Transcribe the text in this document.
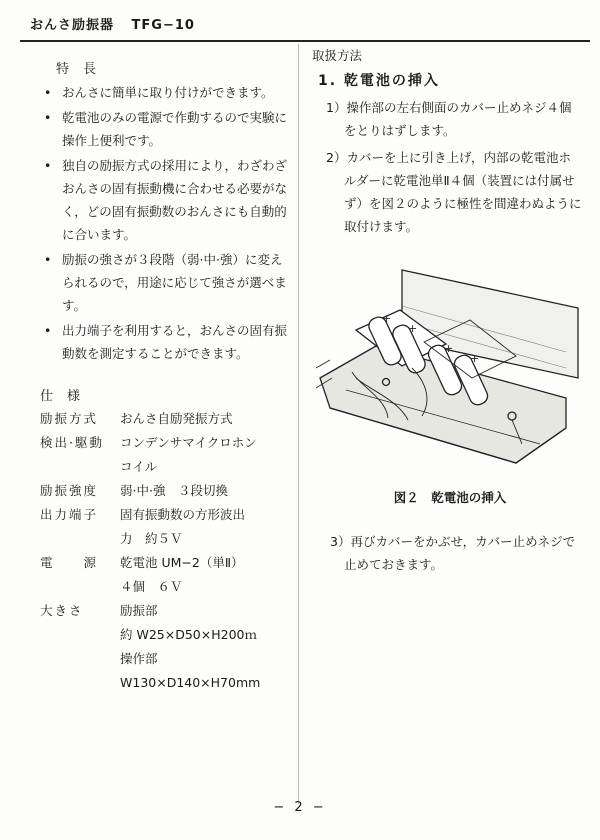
おんさ励振器 TFG−10
特長
• おんさに簡単に取り付けができます。
• 乾電池のみの電源で作動するので実験に操作上便利です。
• 独自の励振方式の採用により，わざわざおんさの固有振動機に合わせる必要がなく，どの固有振動数のおんさにも自動的に合います。
• 励振の強さが３段階（弱·中·強）に変えられるので，用途に応じて強さが選べます。
• 出力端子を利用すると，おんさの固有振動数を測定することができます。
仕様
励振方式	おんさ自励発振方式

検出·駆動	コンデンサマイクロホン
コイル

励振強度	弱·中·強　３段切換

出力端子	固有振動数の方形波出
力　約５Ｖ

電　　源	乾電池 UM−2（単Ⅱ）
４個　６Ｖ

大きさ	励振部
約 W25×D50×H200ｍ
操作部
W130×D140×H70mm
取扱方法
1. 乾電池の挿入
1）操作部の左右側面のカバー止めネジ４個をとりはずします。
2）カバーを上に引き上げ，内部の乾電池ホルダーに乾電池単Ⅱ４個（装置には付属せず）を図２のように極性を間違わぬように取付けます。
+
+
+
+
図２　乾電池の挿入
3）再びカバーをかぶせ，カバー止めネジで止めておきます。
− 2 −
